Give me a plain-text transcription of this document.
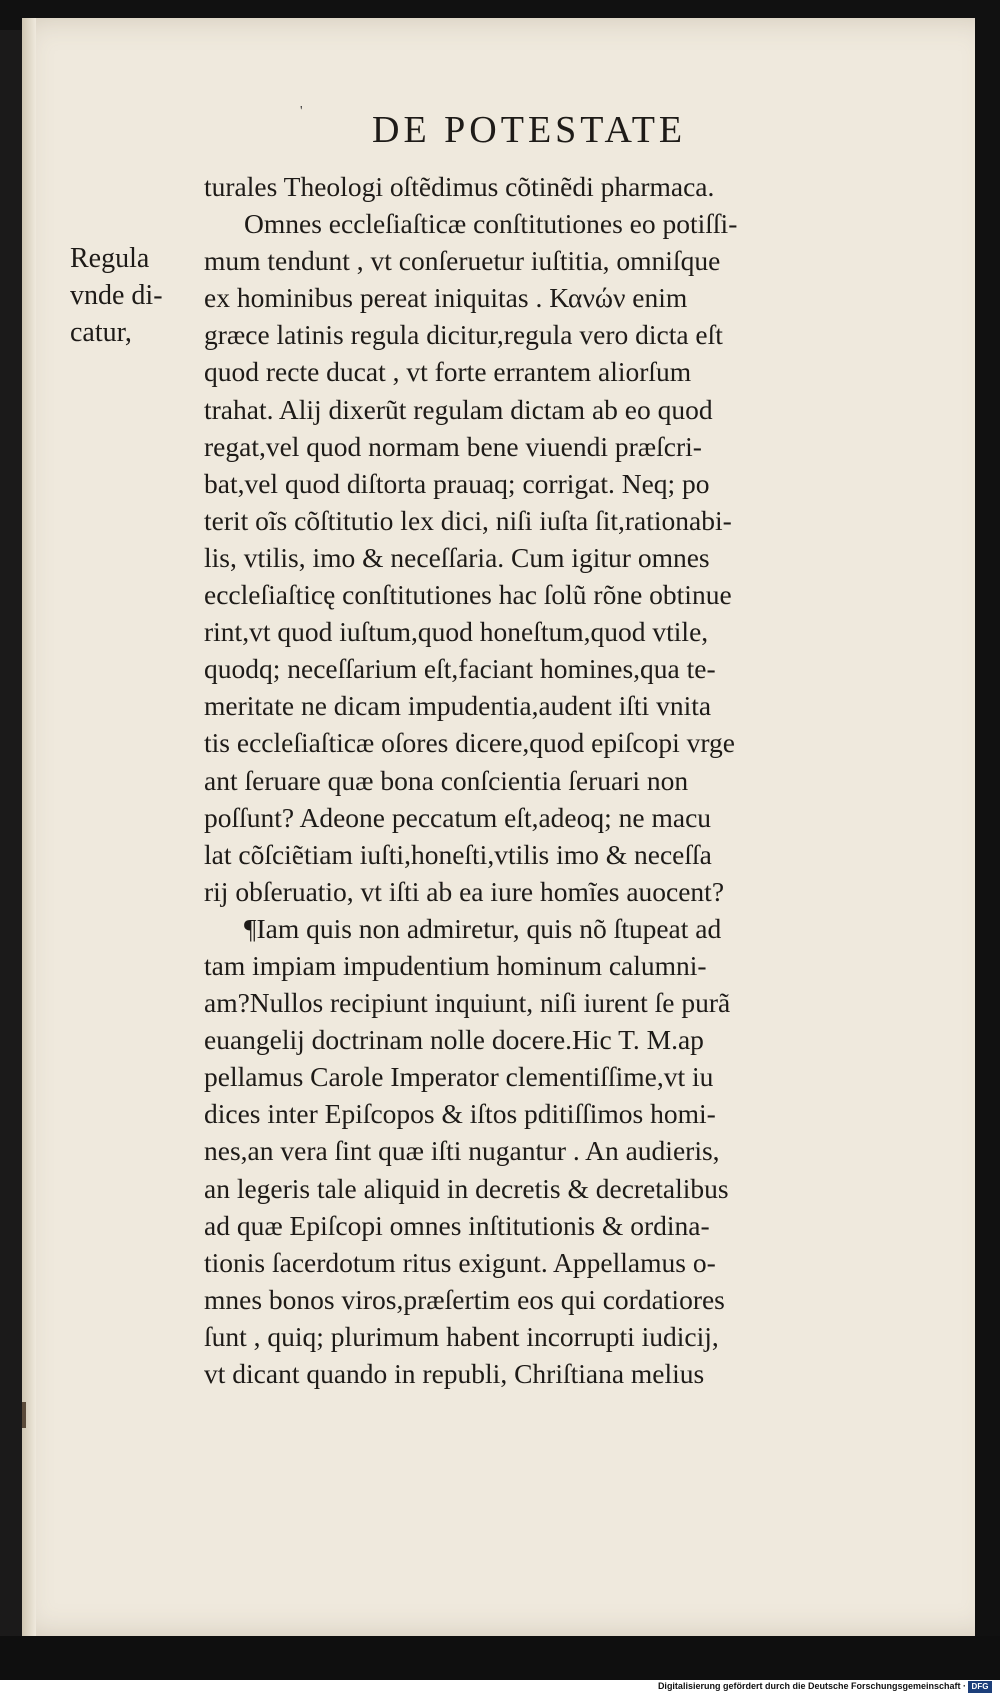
' DE POTESTATE
Regula
vnde di-
catur,
turales Theologi oſtẽdimus cõtinẽdi pharmaca.
Omnes eccleſiaſticæ conſtitutiones eo potiſſi-
mum tendunt , vt conſeruetur iuſtitia, omniſque
ex hominibus pereat iniquitas . Κανών enim
græce latinis regula dicitur,regula vero dicta eſt
quod recte ducat , vt forte errantem aliorſum
trahat. Alij dixerũt regulam dictam ab eo quod
regat,vel quod normam bene viuendi præſcri-
bat,vel quod diſtorta prauaq; corrigat. Neq; po
terit oĩs cõſtitutio lex dici, niſi iuſta ſit,rationabi-
lis, vtilis, imo & neceſſaria. Cum igitur omnes
eccleſiaſticę conſtitutiones hac ſolũ rõne obtinue
rint,vt quod iuſtum,quod honeſtum,quod vtile,
quodq; neceſſarium eſt,faciant homines,qua te-
meritate ne dicam impudentia,audent iſti vnita
tis eccleſiaſticæ oſores dicere,quod epiſcopi vrge
ant ſeruare quæ bona conſcientia ſeruari non
poſſunt? Adeone peccatum eſt,adeoq; ne macu
lat cõſciẽtiam iuſti,honeſti,vtilis imo & neceſſa
rij obſeruatio, vt iſti ab ea iure homĩes auocent?
¶Iam quis non admiretur, quis nõ ſtupeat ad
tam impiam impudentium hominum calumni-
am?Nullos recipiunt inquiunt, niſi iurent ſe purã
euangelij doctrinam nolle docere.Hic T. M.ap
pellamus Carole Imperator clementiſſime,vt iu
dices inter Epiſcopos & iſtos pditiſſimos homi-
nes,an vera ſint quæ iſti nugantur . An audieris,
an legeris tale aliquid in decretis & decretalibus
ad quæ Epiſcopi omnes inſtitutionis & ordina-
tionis ſacerdotum ritus exigunt. Appellamus o-
mnes bonos viros,præſertim eos qui cordatiores
ſunt , quiq; plurimum habent incorrupti iudicij,
vt dicant quando in republi, Chriſtiana melius
Digitalisierung gefördert durch die Deutsche Forschungsgemeinschaft · DFG
